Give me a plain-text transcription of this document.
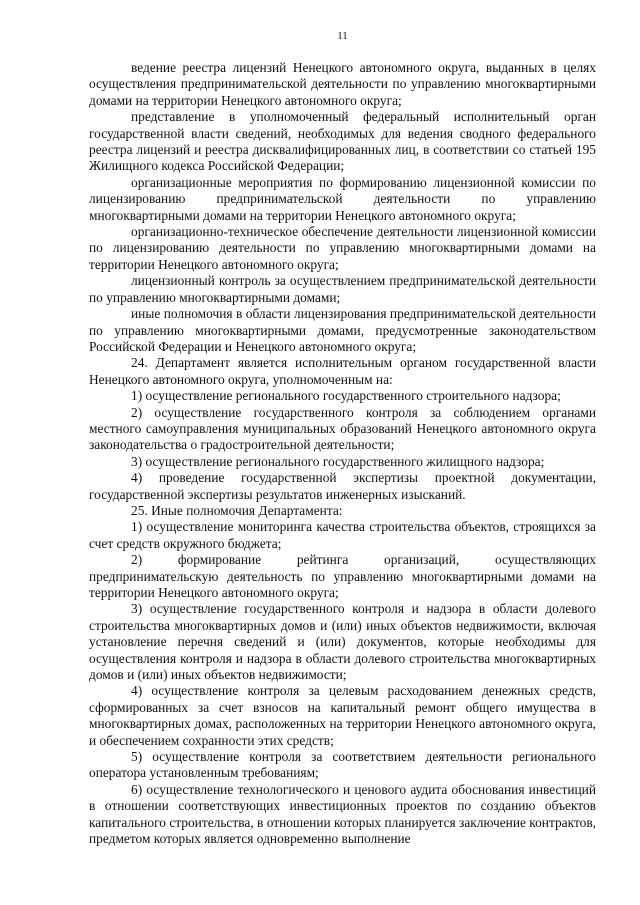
11

ведение реестра лицензий Ненецкого автономного округа, выданных в целях осуществления предпринимательской деятельности по управлению многоквартирными домами на территории Ненецкого автономного округа;

представление в уполномоченный федеральный исполнительный орган государственной власти сведений, необходимых для ведения сводного федерального реестра лицензий и реестра дисквалифицированных лиц, в соответствии со статьей 195 Жилищного кодекса Российской Федерации;

организационные мероприятия по формированию лицензионной комиссии по лицензированию предпринимательской деятельности по управлению многоквартирными домами на территории Ненецкого автономного округа;

организационно-техническое обеспечение деятельности лицензионной комиссии по лицензированию деятельности по управлению многоквартирными домами на территории Ненецкого автономного округа;

лицензионный контроль за осуществлением предпринимательской деятельности по управлению многоквартирными домами;

иные полномочия в области лицензирования предпринимательской деятельности по управлению многоквартирными домами, предусмотренные законодательством Российской Федерации и Ненецкого автономного округа;

24. Департамент является исполнительным органом государственной власти Ненецкого автономного округа, уполномоченным на:

1) осуществление регионального государственного строительного надзора;

2) осуществление государственного контроля за соблюдением органами местного самоуправления муниципальных образований Ненецкого автономного округа законодательства о градостроительной деятельности;

3) осуществление регионального государственного жилищного надзора;

4) проведение государственной экспертизы проектной документации, государственной экспертизы результатов инженерных изысканий.

25. Иные полномочия Департамента:

1) осуществление мониторинга качества строительства объектов, строящихся за счет средств окружного бюджета;

2) формирование рейтинга организаций, осуществляющих предпринимательскую деятельность по управлению многоквартирными домами на территории Ненецкого автономного округа;

3) осуществление государственного контроля и надзора в области долевого строительства многоквартирных домов и (или) иных объектов недвижимости, включая установление перечня сведений и (или) документов, которые необходимы для осуществления контроля и надзора в области долевого строительства многоквартирных домов и (или) иных объектов недвижимости;

4) осуществление контроля за целевым расходованием денежных средств, сформированных за счет взносов на капитальный ремонт общего имущества в многоквартирных домах, расположенных на территории Ненецкого автономного округа, и обеспечением сохранности этих средств;

5) осуществление контроля за соответствием деятельности регионального оператора установленным требованиям;

6) осуществление технологического и ценового аудита обоснования инвестиций в отношении соответствующих инвестиционных проектов по созданию объектов капитального строительства, в отношении которых планируется заключение контрактов, предметом которых является одновременно выполнение
